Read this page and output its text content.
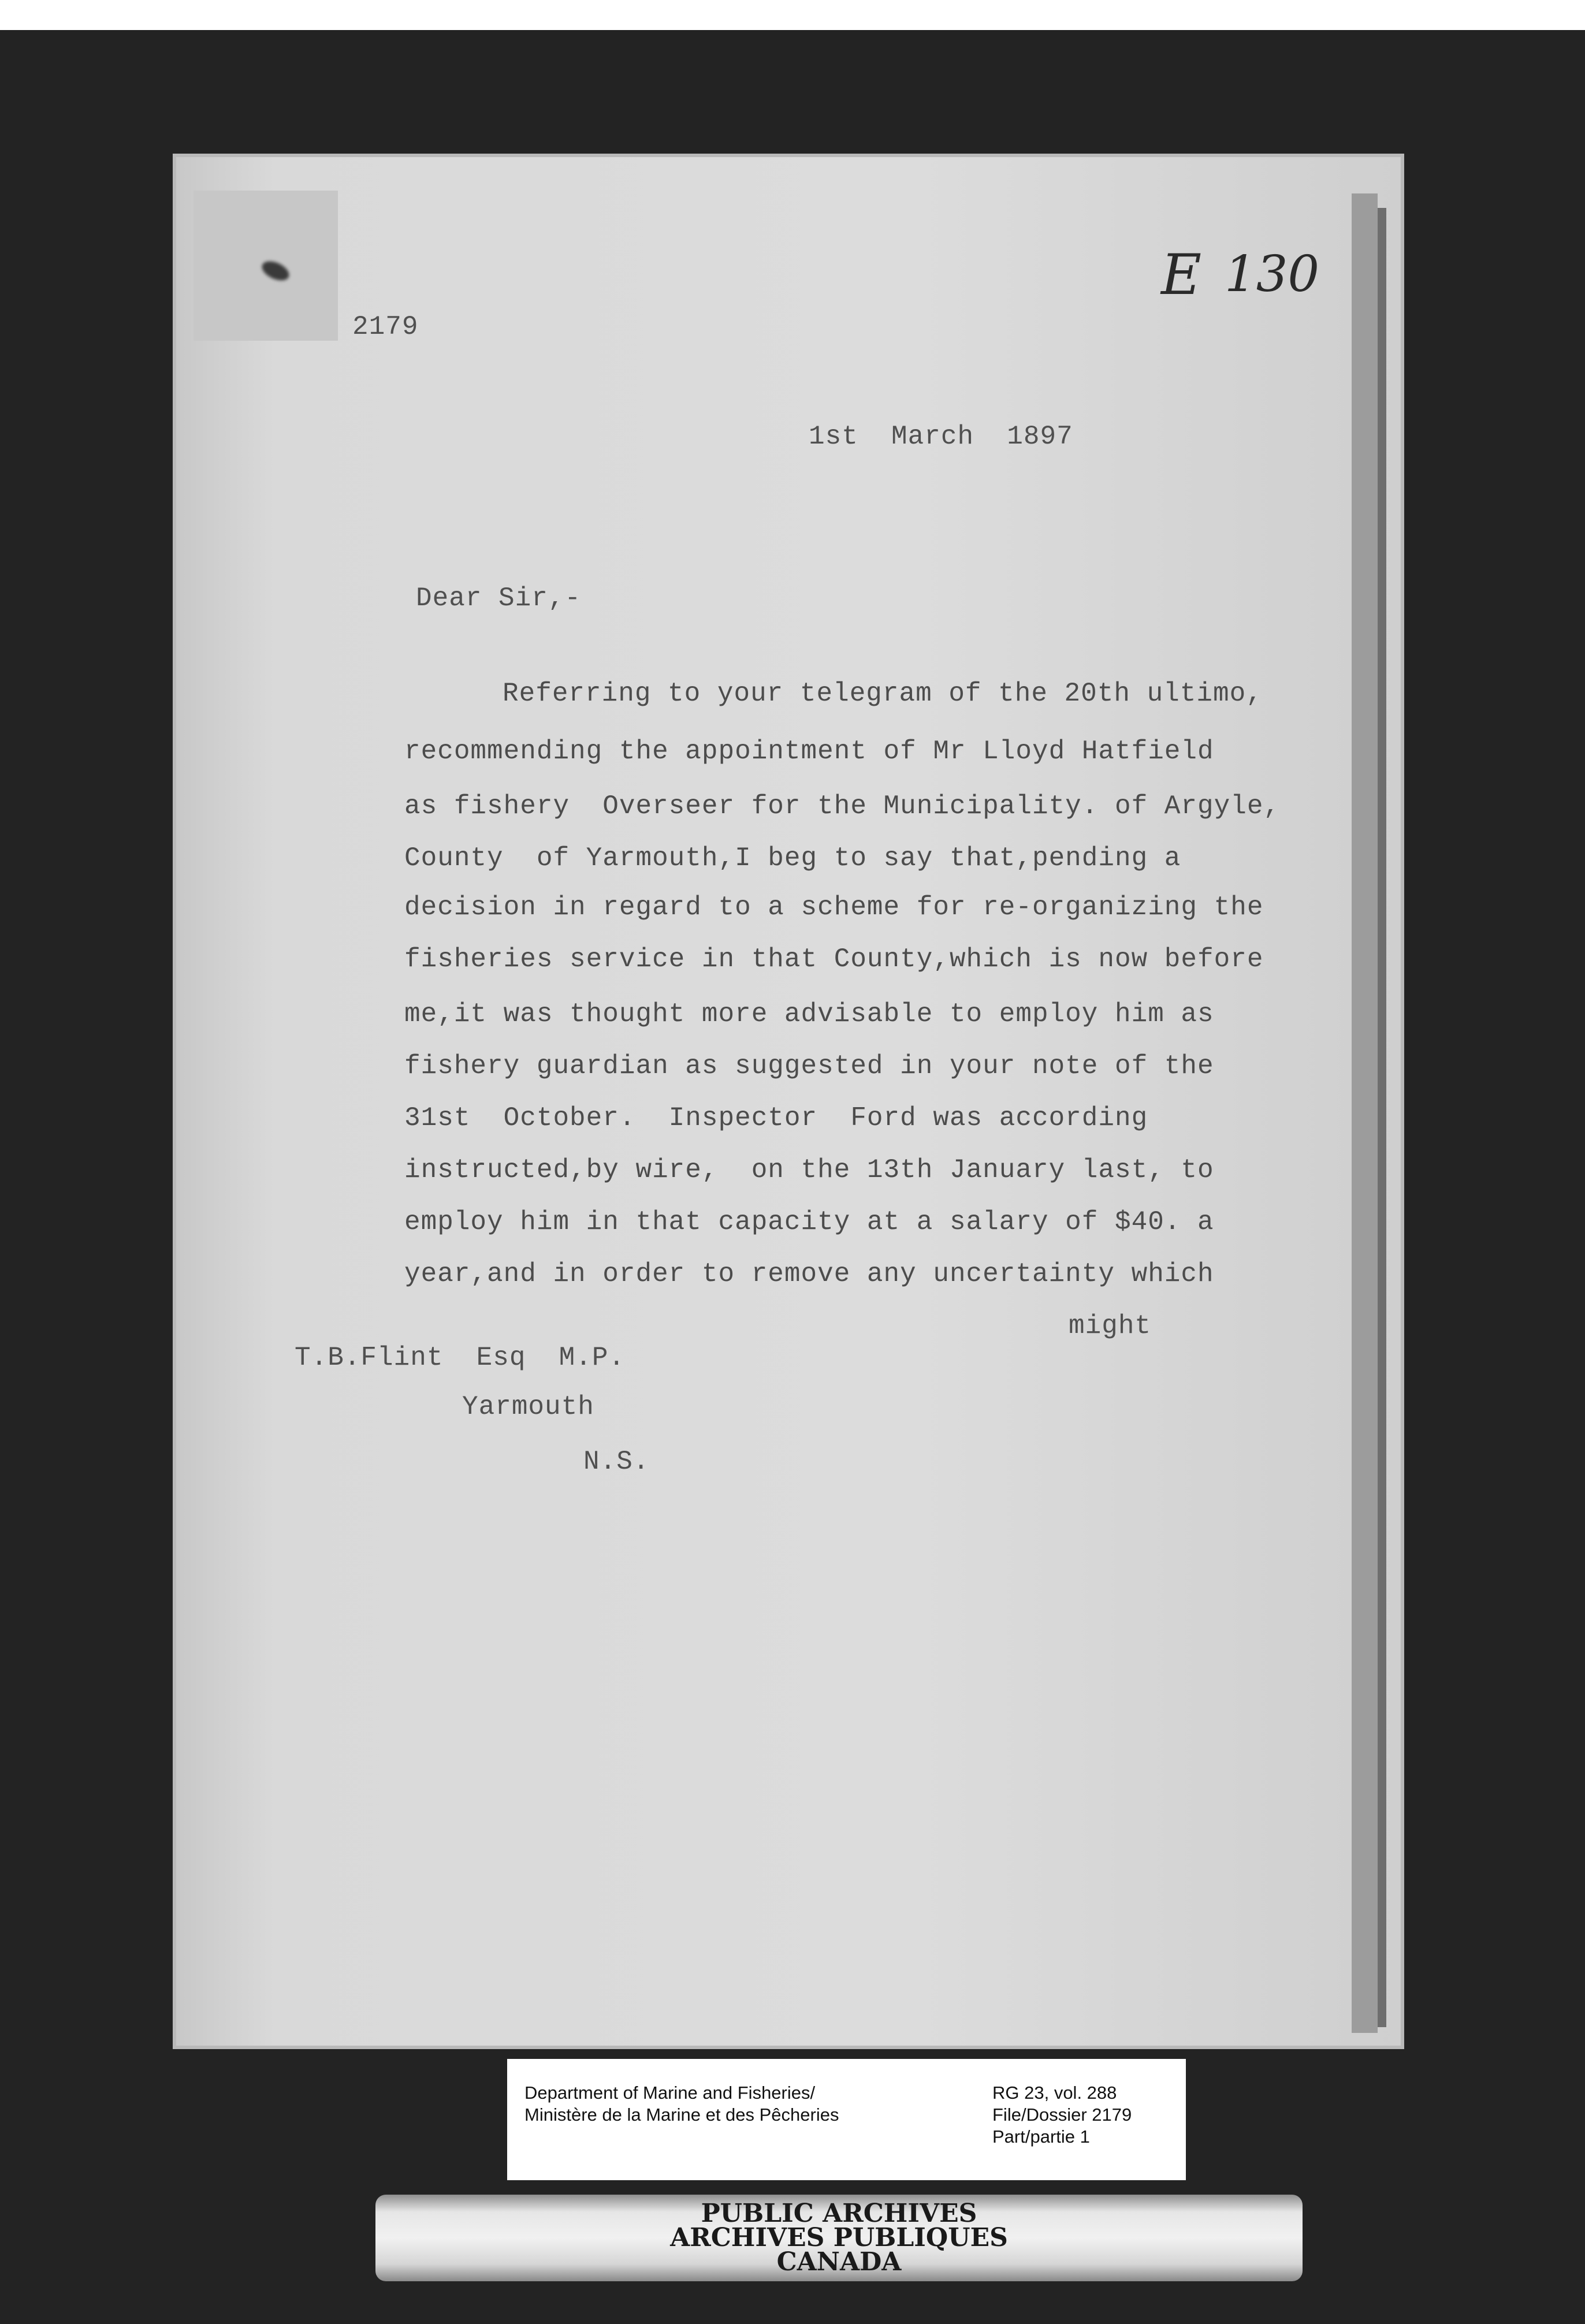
2179
E 130
1st  March  1897
Dear Sir,-
Referring to your telegram of the 20th ultimo,
recommending the appointment of Mr Lloyd Hatfield
as fishery  Overseer for the Municipality. of Argyle,
County  of Yarmouth,I beg to say that,pending a
decision in regard to a scheme for re-organizing the
fisheries service in that County,which is now before
me,it was thought more advisable to employ him as
fishery guardian as suggested in your note of the
31st  October.  Inspector  Ford was according
instructed,by wire,  on the 13th January last, to
employ him in that capacity at a salary of $40. a
year,and in order to remove any uncertainty which
might
T.B.Flint  Esq  M.P.
Yarmouth
N.S.
Department of Marine and Fisheries/
Ministère de la Marine et des Pêcheries
RG 23, vol. 288
File/Dossier 2179
Part/partie 1
PUBLIC ARCHIVES
ARCHIVES PUBLIQUES
CANADA
